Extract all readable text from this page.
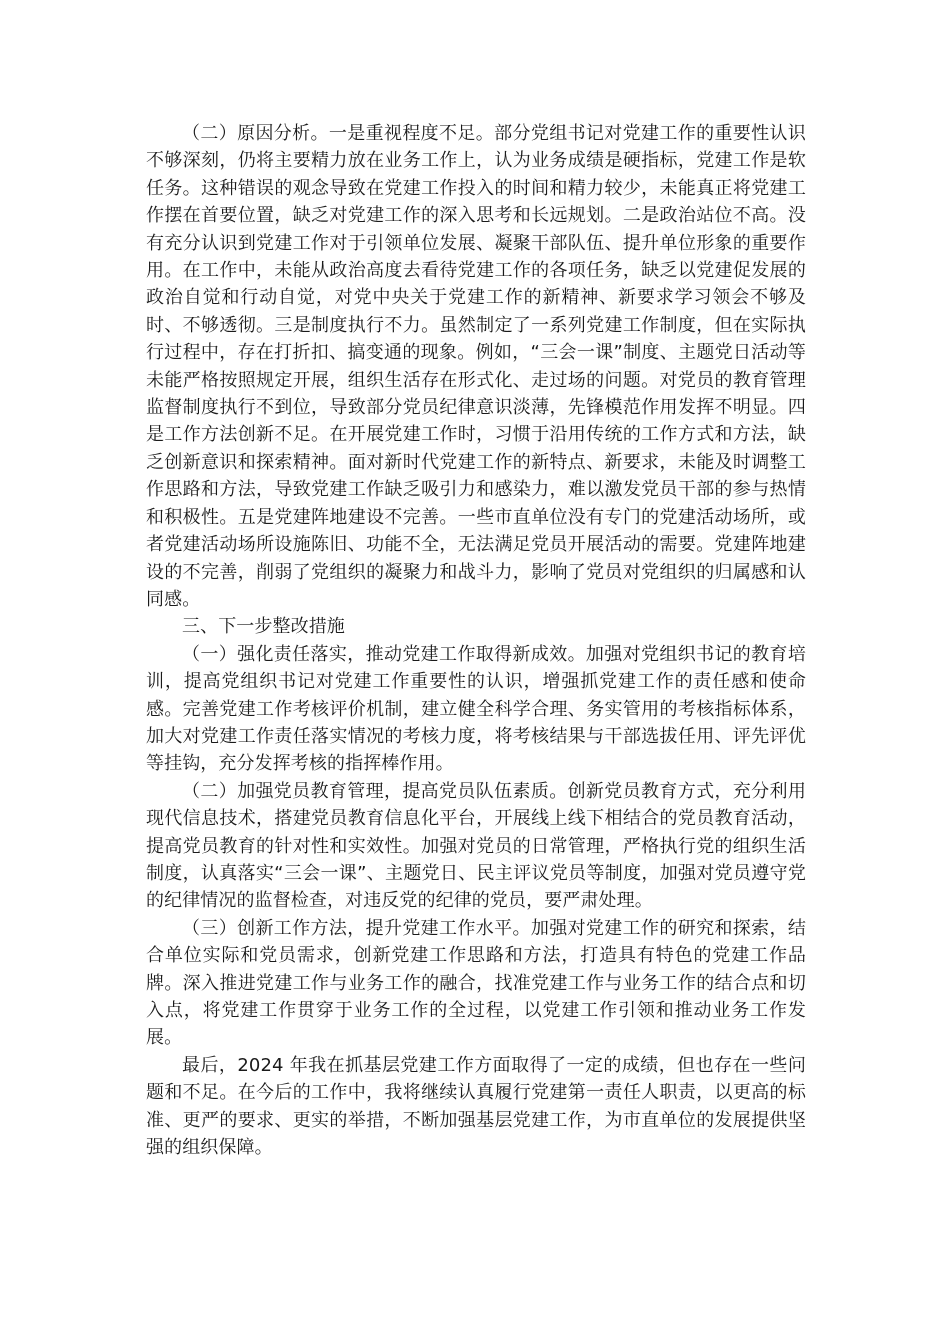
（二）原因分析。一是重视程度不足。部分党组书记对党建工作的重要性认识不够深刻，仍将主要精力放在业务工作上，认为业务成绩是硬指标，党建工作是软任务。这种错误的观念导致在党建工作投入的时间和精力较少，未能真正将党建工作摆在首要位置，缺乏对党建工作的深入思考和长远规划。二是政治站位不高。没有充分认识到党建工作对于引领单位发展、凝聚干部队伍、提升单位形象的重要作用。在工作中，未能从政治高度去看待党建工作的各项任务，缺乏以党建促发展的政治自觉和行动自觉，对党中央关于党建工作的新精神、新要求学习领会不够及时、不够透彻。三是制度执行不力。虽然制定了一系列党建工作制度，但在实际执行过程中，存在打折扣、搞变通的现象。例如，“三会一课”制度、主题党日活动等未能严格按照规定开展，组织生活存在形式化、走过场的问题。对党员的教育管理监督制度执行不到位，导致部分党员纪律意识淡薄，先锋模范作用发挥不明显。四是工作方法创新不足。在开展党建工作时，习惯于沿用传统的工作方式和方法，缺乏创新意识和探索精神。面对新时代党建工作的新特点、新要求，未能及时调整工作思路和方法，导致党建工作缺乏吸引力和感染力，难以激发党员干部的参与热情和积极性。五是党建阵地建设不完善。一些市直单位没有专门的党建活动场所，或者党建活动场所设施陈旧、功能不全，无法满足党员开展活动的需要。党建阵地建设的不完善，削弱了党组织的凝聚力和战斗力，影响了党员对党组织的归属感和认同感。

三、下一步整改措施

（一）强化责任落实，推动党建工作取得新成效。加强对党组织书记的教育培训，提高党组织书记对党建工作重要性的认识，增强抓党建工作的责任感和使命感。完善党建工作考核评价机制，建立健全科学合理、务实管用的考核指标体系，加大对党建工作责任落实情况的考核力度，将考核结果与干部选拔任用、评先评优等挂钩，充分发挥考核的指挥棒作用。

（二）加强党员教育管理，提高党员队伍素质。创新党员教育方式，充分利用现代信息技术，搭建党员教育信息化平台，开展线上线下相结合的党员教育活动，提高党员教育的针对性和实效性。加强对党员的日常管理，严格执行党的组织生活制度，认真落实“三会一课”、主题党日、民主评议党员等制度，加强对党员遵守党的纪律情况的监督检查，对违反党的纪律的党员，要严肃处理。

（三）创新工作方法，提升党建工作水平。加强对党建工作的研究和探索，结合单位实际和党员需求，创新党建工作思路和方法，打造具有特色的党建工作品牌。深入推进党建工作与业务工作的融合，找准党建工作与业务工作的结合点和切入点，将党建工作贯穿于业务工作的全过程，以党建工作引领和推动业务工作发展。

最后，2024 年我在抓基层党建工作方面取得了一定的成绩，但也存在一些问题和不足。在今后的工作中，我将继续认真履行党建第一责任人职责，以更高的标准、更严的要求、更实的举措，不断加强基层党建工作，为市直单位的发展提供坚强的组织保障。
